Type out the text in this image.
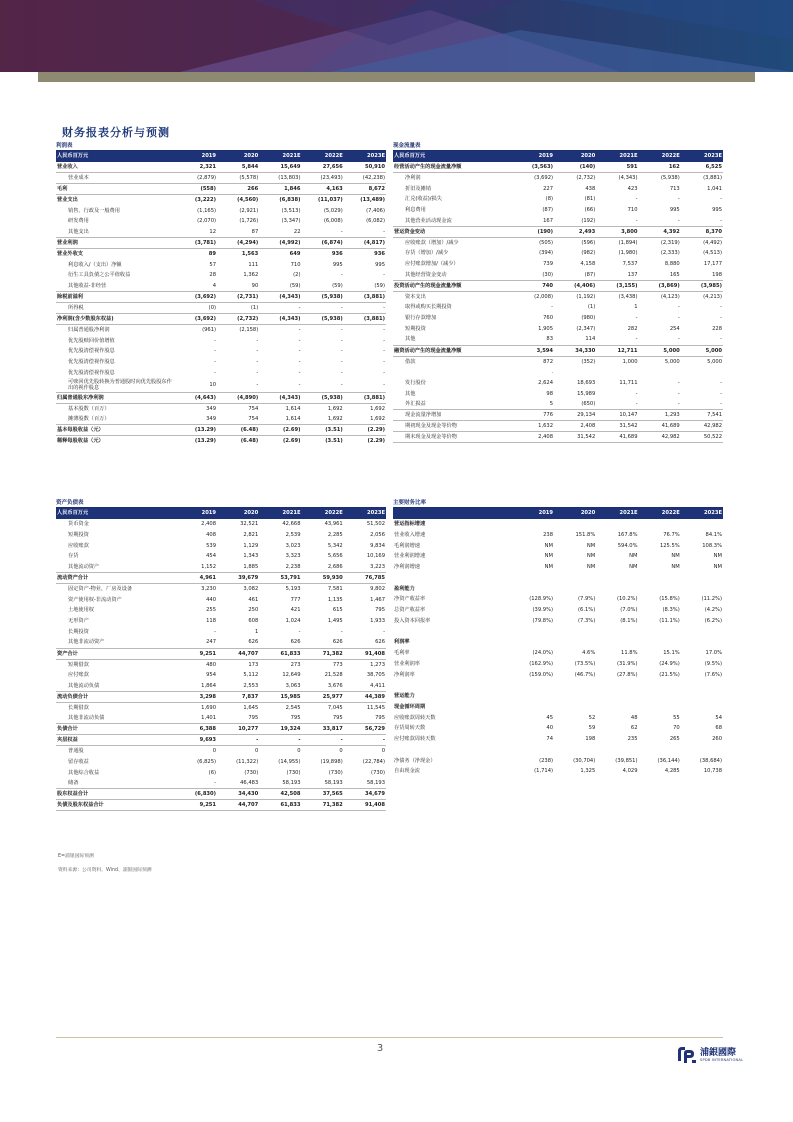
财务报表分析与预测
利润表
人民币百万元	2019	2020	2021E	2022E	2023E
营业收入	2,321	5,844	15,649	27,656	50,910
营业成本	(2,879)	(5,578)	(13,803)	(23,493)	(42,238)
毛利	(558)	266	1,846	4,163	8,672
营业支出	(3,222)	(4,560)	(6,838)	(11,037)	(13,489)
销售、行政及一般费用	(1,165)	(2,921)	(3,513)	(5,029)	(7,406)
研发费用	(2,070)	(1,726)	(3,347)	(6,008)	(6,082)
其他支出	12	87	22	-	-
营业利润	(3,781)	(4,294)	(4,992)	(6,874)	(4,817)
营业外收支	89	1,563	649	936	936
利息收入/（支出）净额	57	111	710	995	995
衍生工具負債之公平值收益	28	1,362	(2)	-	-
其他收益-非经营	4	90	(59)	(59)	(59)
除税前溢利	(3,692)	(2,731)	(4,343)	(5,938)	(3,881)
所得税	(0)	(1)	-	-	-
净利润(含少数股东权益)	(3,692)	(2,732)	(4,343)	(5,938)	(3,881)
归属普通股净利润	(961)	(2,158)	-	-	-
优先股赎回价值增值	-	-	-	-	-
优先股清偿视作股息	-	-	-	-	-
优先股清偿视作股息	-	-	-	-	-
优先股清偿视作股息	-	-	-	-	-
可赎回优先股转换为普通股时向优先股股东作出的视作股息	10	-	-	-	-
归属普通股东净利润	(4,643)	(4,890)	(4,343)	(5,938)	(3,881)
基本股数（百万）	349	754	1,614	1,692	1,692
摊薄股数（百万）	349	754	1,614	1,692	1,692
基本每股收益（元）	(13.29)	(6.48)	(2.69)	(3.51)	(2.29)
稀释每股收益（元）	(13.29)	(6.48)	(2.69)	(3.51)	(2.29)
现金流量表
人民币百万元	2019	2020	2021E	2022E	2023E
经营活动产生的现金流量净额	(3,563)	(140)	591	162	6,525
净利润	(3,692)	(2,732)	(4,343)	(5,938)	(3,881)
折旧及摊销	227	438	423	713	1,041
汇兑(收益)/损失	(8)	(81)	-	-	-
利息费用	(87)	(66)	710	995	995
其他营业活动现金流	167	(192)	-	-	-
营运资金变动	(190)	2,493	3,800	4,392	8,370
应收账款（增加）/减少	(505)	(596)	(1,894)	(2,319)	(4,492)
存货（增加）/减少	(394)	(982)	(1,980)	(2,333)	(4,513)
应付账款增加/（减少）	739	4,158	7,537	8,880	17,177
其他经营资金变动	(30)	(87)	137	165	198
投资活动产生的现金流量净额	740	(4,406)	(3,155)	(3,869)	(3,985)
资本支出	(2,008)	(1,192)	(3,438)	(4,123)	(4,213)
取得或购买长期投资	-	(1)	1	-	-
银行存款增加	760	(980)	-	-	-
短期投资	1,905	(2,347)	282	254	228
其他	83	114	-	-	-
融资活动产生的现金流量净额	3,594	34,330	12,711	5,000	5,000
借款	872	(352)	1,000	5,000	5,000
	.				
发行股份	2,624	18,693	11,711	-	-
其他	98	15,989	-	-	-
外汇损益	5	(650)	-	-	-
现金流量净增加	776	29,134	10,147	1,293	7,541
期初现金及现金等价物	1,632	2,408	31,542	41,689	42,982
期末现金及现金等价物	2,408	31,542	41,689	42,982	50,522
资产负债表
人民币百万元	2019	2020	2021E	2022E	2023E
货币资金	2,408	32,521	42,668	43,961	51,502
短期投资	408	2,821	2,539	2,285	2,056
应收账款	539	1,129	3,023	5,342	9,834
存货	454	1,343	3,323	5,656	10,169
其他流动资产	1,152	1,885	2,238	2,686	3,223
流动资产合计	4,961	39,679	53,791	59,930	76,785
固定资产-物业，厂房及设备	3,230	3,082	5,193	7,581	9,802
资产使用权-非流动资产	440	461	777	1,135	1,467
土地使用权	255	250	421	615	795
无形资产	118	608	1,024	1,495	1,933
长期投资	-	1	-	-	-
其他非流动资产	247	626	626	626	626
资产合计	9,251	44,707	61,833	71,382	91,408
短期借款	480	173	273	773	1,273
应付账款	954	5,112	12,649	21,528	38,705
其他流动负债	1,864	2,553	3,063	3,676	4,411
流动负债合计	3,298	7,837	15,985	25,977	44,389
长期借款	1,690	1,645	2,545	7,045	11,545
其他非流动负债	1,401	795	795	795	795
负债合计	6,388	10,277	19,324	33,817	56,729
夹层权益	9,693	-	-	-	-
普通股	0	0	0	0	0
留存收益	(6,825)	(11,322)	(14,955)	(19,898)	(22,784)
其他综合收益	(6)	(730)	(730)	(730)	(730)
储备	-	46,483	58,193	58,193	58,193
股东权益合计	(6,830)	34,430	42,508	37,565	34,679
负债及股东权益合计	9,251	44,707	61,833	71,382	91,408
主要财务比率
	2019	2020	2021E	2022E	2023E
营运指标增速					
营业收入增速	238	151.8%	167.8%	76.7%	84.1%
毛利润增速	NM	NM	594.0%	125.5%	108.3%
营业利润增速	NM	NM	NM	NM	NM
净利润增速	NM	NM	NM	NM	NM

盈利能力					
净资产收益率	(128.9%)	(7.9%)	(10.2%)	(15.8%)	(11.2%)
总资产收益率	(39.9%)	(6.1%)	(7.0%)	(8.3%)	(4.2%)
投入资本回报率	(79.8%)	(7.3%)	(8.1%)	(11.1%)	(6.2%)

利润率					
毛利率	(24.0%)	4.6%	11.8%	15.1%	17.0%
营业利润率	(162.9%)	(73.5%)	(31.9%)	(24.9%)	(9.5%)
净利润率	(159.0%)	(46.7%)	(27.8%)	(21.5%)	(7.6%)

营运能力					
现金循环周期					
应收账款周转天数	45	52	48	55	54
存货周转天数	40	59	62	70	68
应付账款周转天数	74	198	235	265	260

净债务（净现金）	(238)	(30,704)	(39,851)	(36,144)	(38,684)
自由现金流	(1,714)	1,325	4,029	4,285	10,738
E=浦银国际预测
资料来源：公司资料、Wind、浦银国际预测
3	浦銀國際
SPDB INTERNATIONAL
